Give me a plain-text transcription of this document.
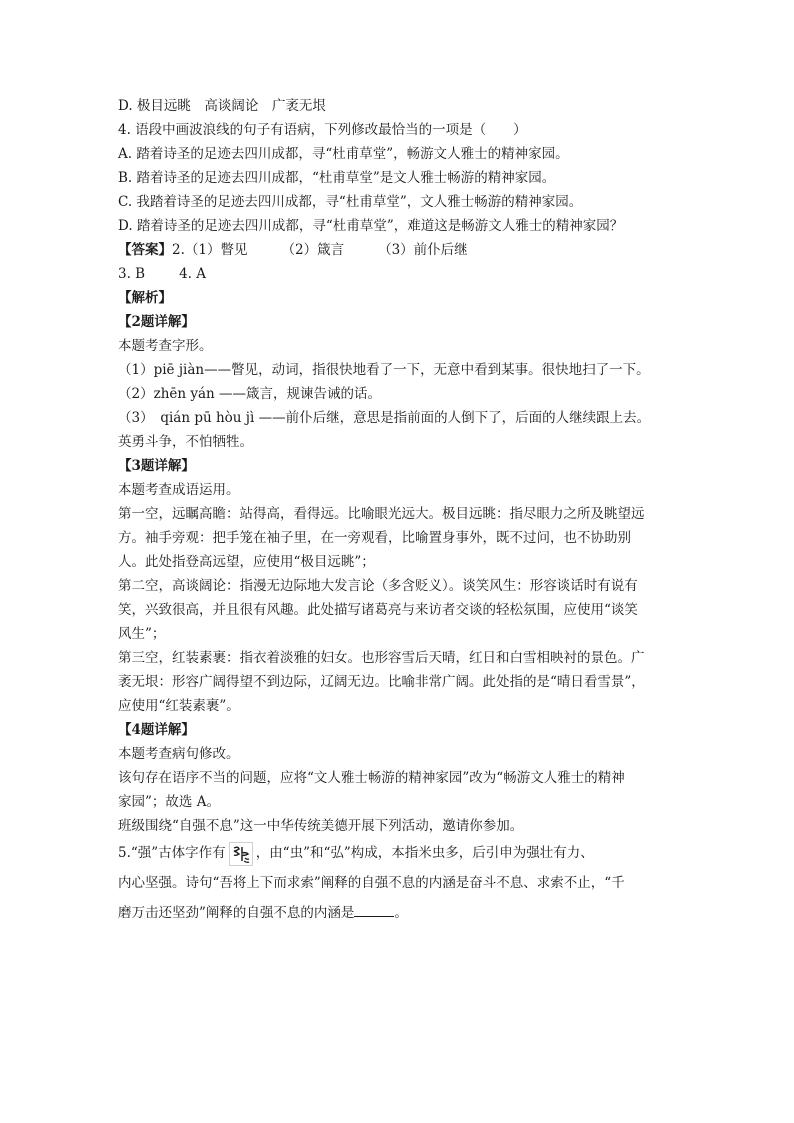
D. 极目远眺　高谈阔论　广袤无垠

4. 语段中画波浪线的句子有语病，下列修改最恰当的一项是（　　）

A. 踏着诗圣的足迹去四川成都，寻“杜甫草堂”，畅游文人雅士的精神家园。

B. 踏着诗圣的足迹去四川成都，“杜甫草堂”是文人雅士畅游的精神家园。

C. 我踏着诗圣的足迹去四川成都，寻“杜甫草堂”，文人雅士畅游的精神家园。

D. 踏着诗圣的足迹去四川成都，寻“杜甫草堂”，难道这是畅游文人雅士的精神家园？

【答案】2.（1）瞥见	（2）箴言	（3）前仆后继

3. B	4. A

【解析】

【2题详解】

本题考查字形。

（1）piē jiàn——瞥见，动词，指很快地看了一下，无意中看到某事。很快地扫了一下。

（2）zhēn yán ——箴言，规谏告诫的话。

（3）　qián pū hòu jì ——前仆后继，意思是指前面的人倒下了，后面的人继续跟上去。

英勇斗争，不怕牺牲。

【3题详解】

本题考查成语运用。

第一空，远瞩高瞻：站得高，看得远。比喻眼光远大。极目远眺：指尽眼力之所及眺望远

方。袖手旁观：把手笼在袖子里，在一旁观看，比喻置身事外，既不过问，也不协助别

人。此处指登高远望，应使用“极目远眺”；

第二空，高谈阔论：指漫无边际地大发言论（多含贬义）。谈笑风生：形容谈话时有说有

笑，兴致很高，并且很有风趣。此处描写诸葛亮与来访者交谈的轻松氛围，应使用“谈笑

风生”；

第三空，红装素裹：指衣着淡雅的妇女。也形容雪后天晴，红日和白雪相映衬的景色。广

袤无垠：形容广阔得望不到边际，辽阔无边。比喻非常广阔。此处指的是“晴日看雪景”，

应使用“红装素裹”。

【4题详解】

本题考查病句修改。

该句存在语序不当的问题，应将“文人雅士畅游的精神家园”改为“畅游文人雅士的精神

家园”；故选 A。

班级围绕“自强不息”这一中华传统美德开展下列活动，邀请你参加。

5.“强”古体字作有 ，由“虫”和“弘”构成，本指米虫多，后引申为强壮有力、

内心坚强。诗句“吾将上下而求索”阐释的自强不息的内涵是奋斗不息、求索不止，“千

磨万击还坚劲”阐释的自强不息的内涵是	。
